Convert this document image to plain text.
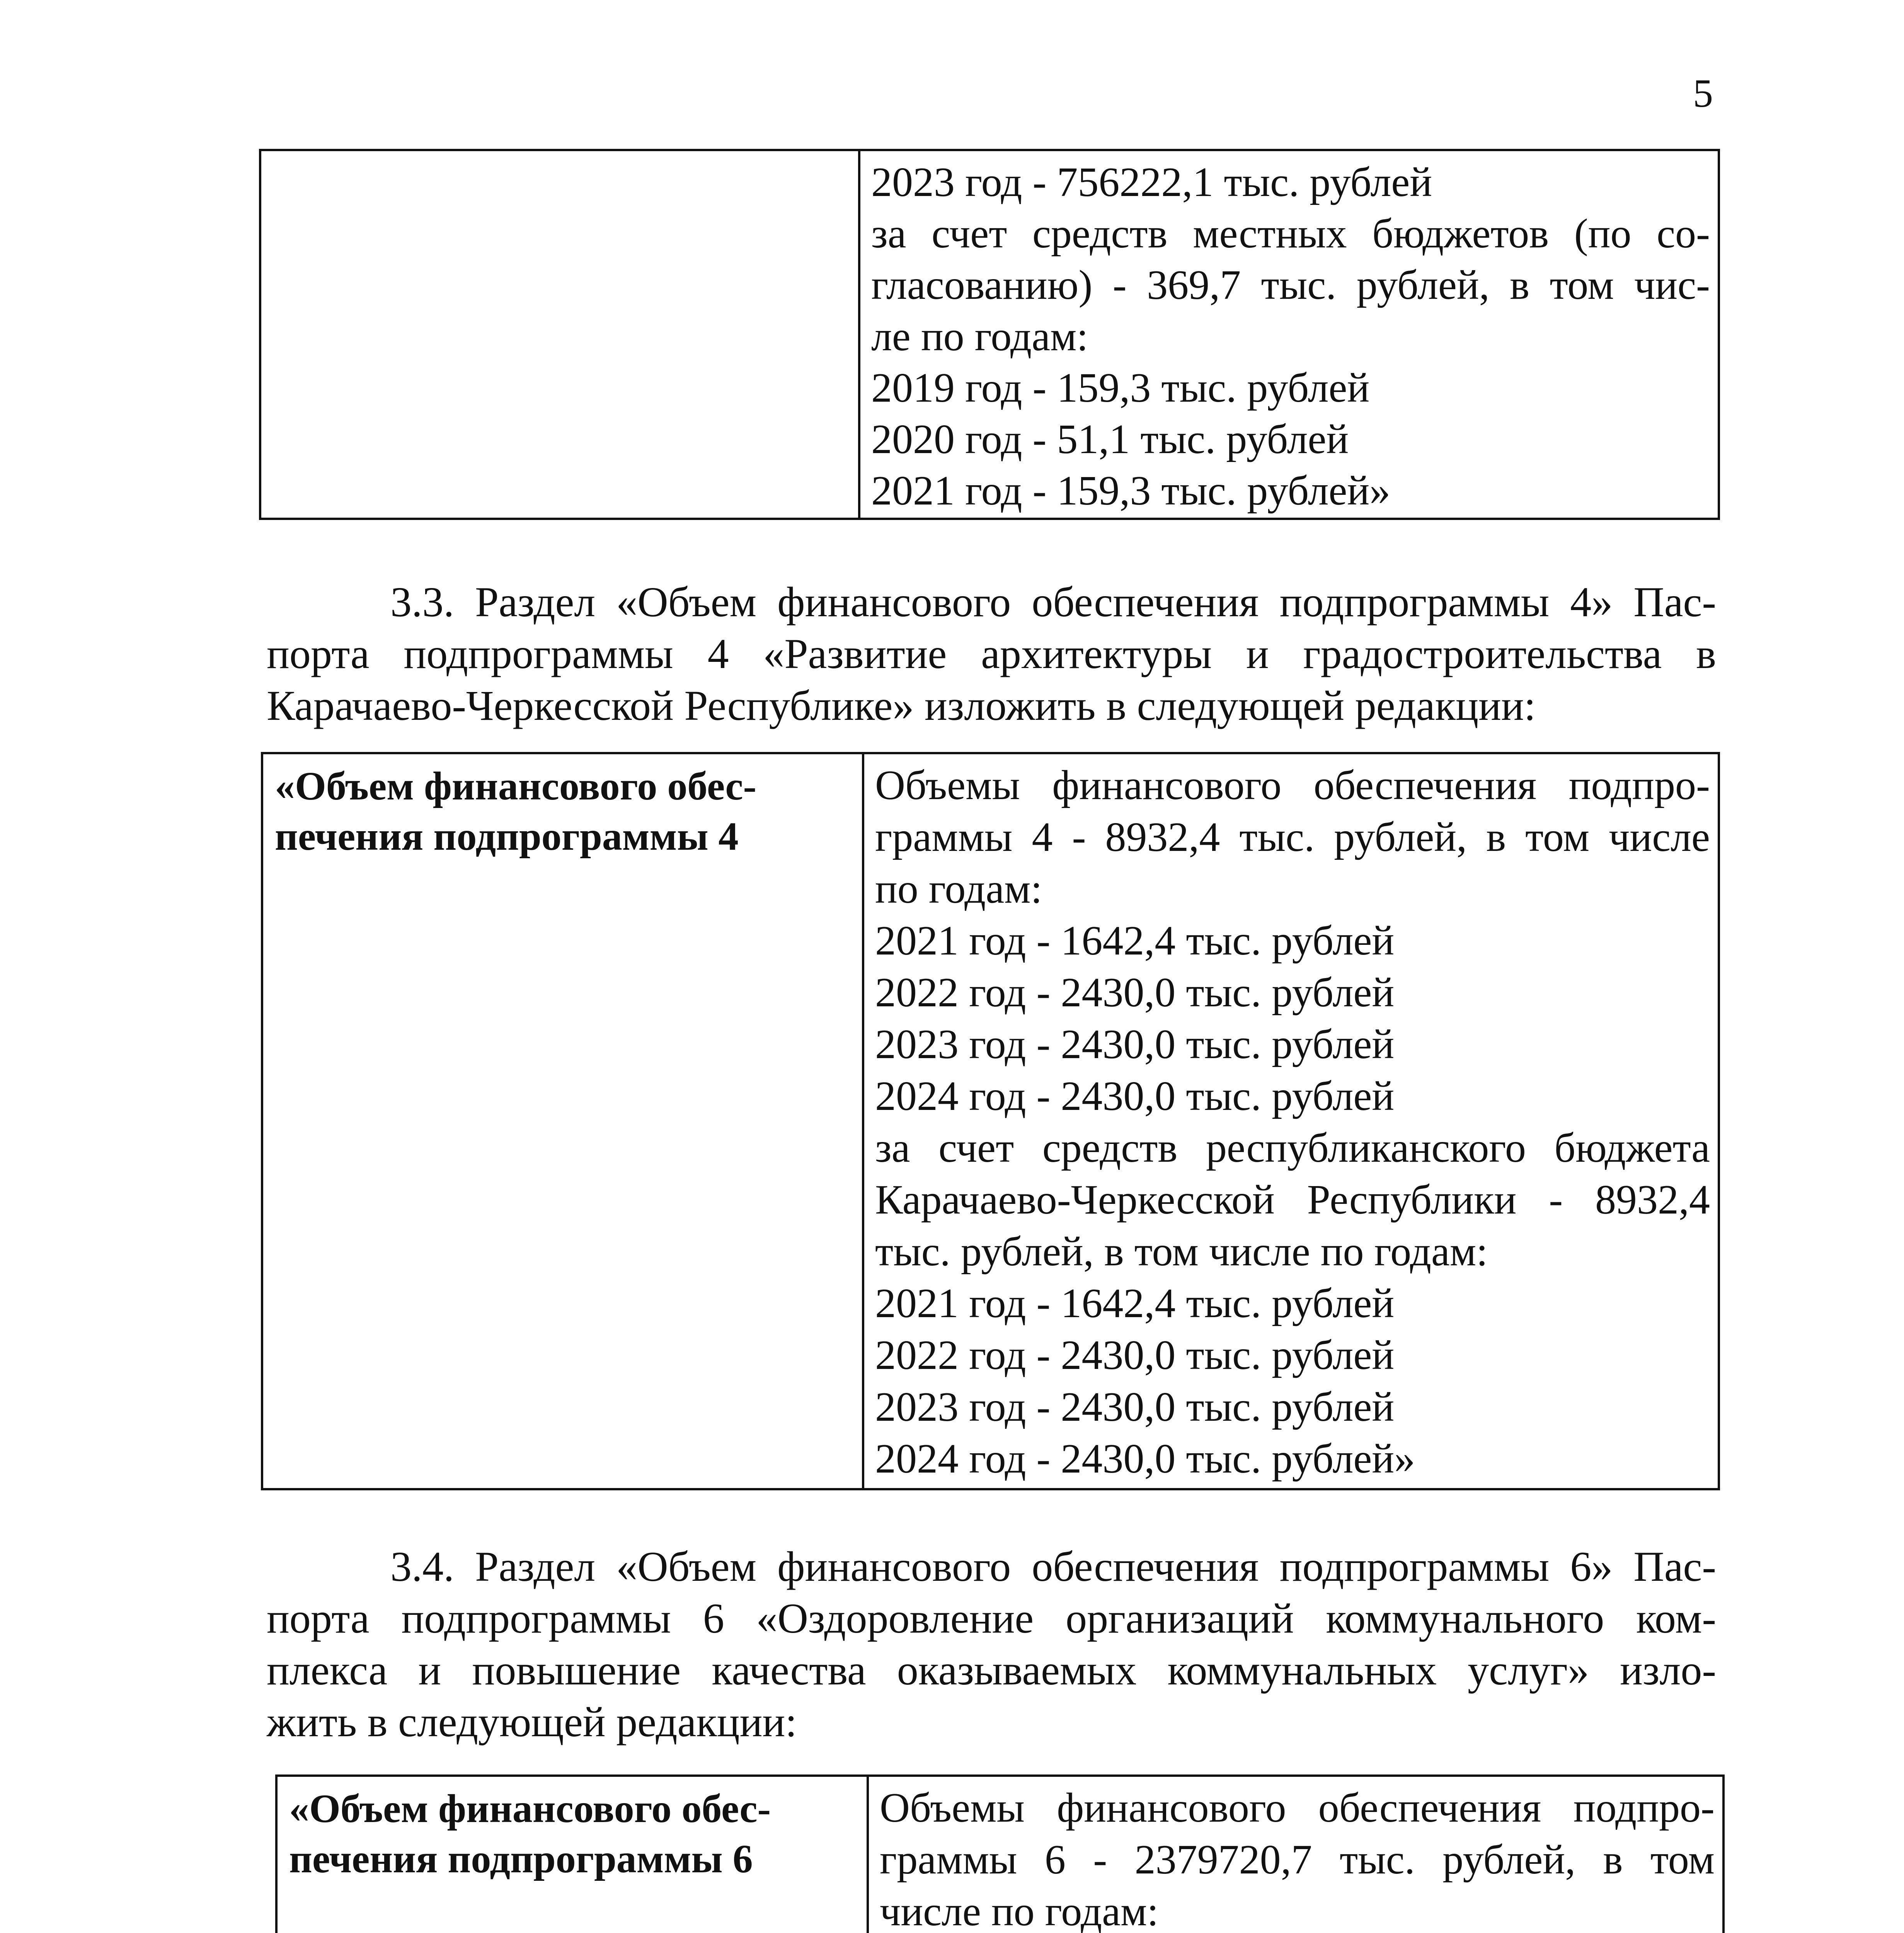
5
2023 год - 756222,1 тыс. рублей
за счет средств местных бюджетов (по со-
гласованию) - 369,7 тыс. рублей, в том чис-
ле по годам:
2019 год - 159,3 тыс. рублей
2020 год - 51,1 тыс. рублей
2021 год - 159,3 тыс. рублей»
3.3. Раздел «Объем финансового обеспечения подпрограммы 4» Пас-
порта подпрограммы 4 «Развитие архитектуры и градостроительства в
Карачаево-Черкесской Республике» изложить в следующей редакции:
«Объем финансового обес-
печения подпрограммы 4
Объемы финансового обеспечения подпро-
граммы 4 - 8932,4 тыс. рублей, в том числе
по годам:
2021 год - 1642,4 тыс. рублей
2022 год - 2430,0 тыс. рублей
2023 год - 2430,0 тыс. рублей
2024 год - 2430,0 тыс. рублей
за счет средств республиканского бюджета
Карачаево-Черкесской Республики - 8932,4
тыс. рублей, в том числе по годам:
2021 год - 1642,4 тыс. рублей
2022 год - 2430,0 тыс. рублей
2023 год - 2430,0 тыс. рублей
2024 год - 2430,0 тыс. рублей»
3.4. Раздел «Объем финансового обеспечения подпрограммы 6» Пас-
порта подпрограммы 6 «Оздоровление организаций коммунального ком-
плекса и повышение качества оказываемых коммунальных услуг» изло-
жить в следующей редакции:
«Объем финансового обес-
печения подпрограммы 6
Объемы финансового обеспечения подпро-
граммы 6 - 2379720,7 тыс. рублей, в том
числе по годам:
